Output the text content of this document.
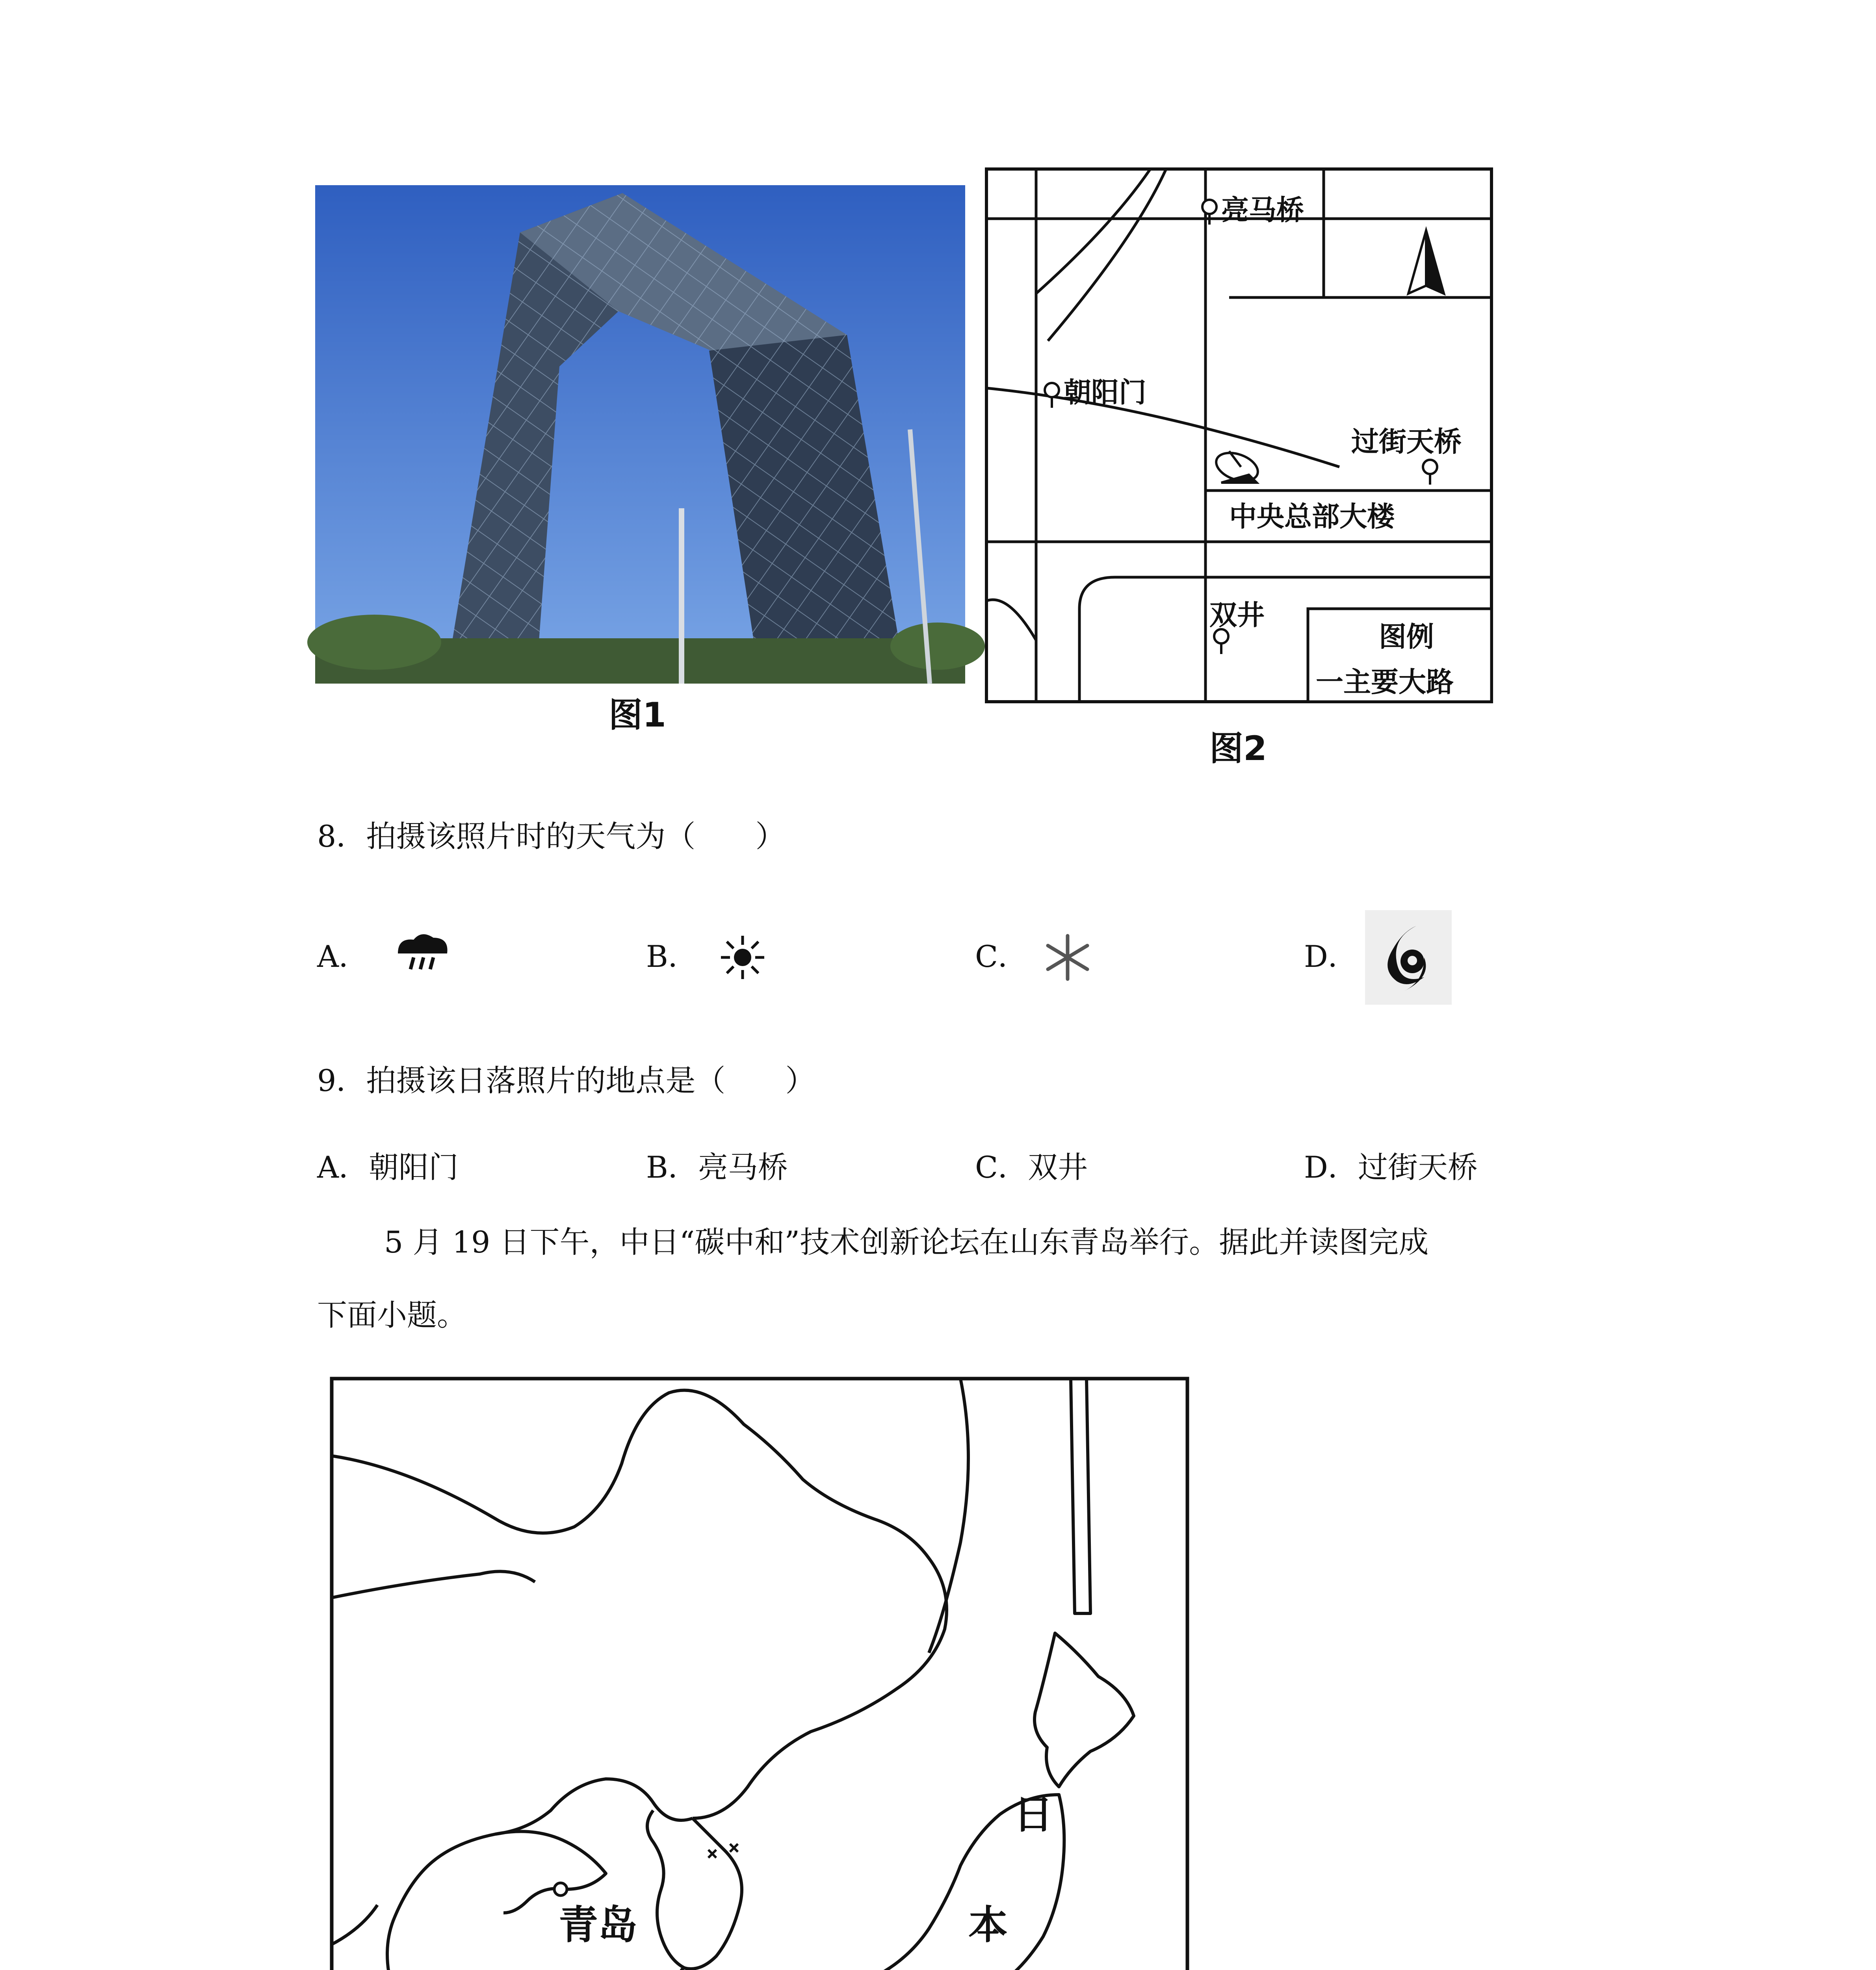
图1
亮马桥
朝阳门
过街天桥
中央总部大楼
双井
图例
一主要大路
图2
8．拍摄该照片时的天气为（　　）
A．	B．	C．	D．
9．拍摄该日落照片的地点是（　　）
A．朝阳门	B．亮马桥	C．双井	D．过街天桥
5 月 19 日下午，中日“碳中和”技术创新论坛在山东青岛举行。据此并读图完成
下面小题。
青岛
日
本
